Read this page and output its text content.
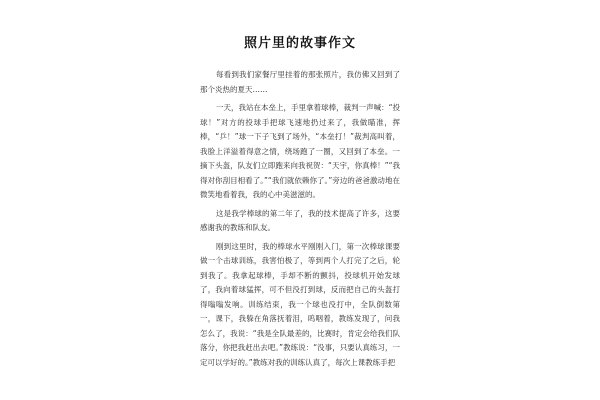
照片里的故事作文

每看到我们家餐厅里挂着的那张照片，我仿佛又回到了那个炎热的夏天……

一天，我站在本垒上，手里拿着球棒，裁判一声喊：“投球！”对方的投球手把球飞速地扔过来了，我做瞄准，挥棒，“乒！”球一下子飞到了场外，“本垒打！”裁判高叫着，我脸上洋溢着得意之情，绕场跑了一圈，又回到了本垒。一摘下头盔，队友们立即跑来向我祝贺：“天宇，你真棒！”“我得对你刮目相看了。”“我们就依赖你了。”旁边的爸爸激动地在微笑地看着我，我的心中美滋滋的。

这是我学棒球的第二年了，我的技术提高了许多，这要感谢我的教练和队友。

刚到这里时，我的棒球水平刚刚入门，第一次棒球课要做一个击球训练，我害怕极了，等到两个人打完了之后，轮到我了。我拿起球棒，手却不断的颤抖，投球机开始发球了，我向着球猛挥，可不但没打到球，反而把自己的头盔打得嗡嗡发响。训练结束，我一个球也没打中，全队倒数第一，课下，我躲在角落抚着泪，呜咽着，教练发现了，问我怎么了，我说：“我是全队最差的，比赛时，肯定会给我们队落分，你把我赶出去吧。”教练说：“没事，只要认真练习，一定可以学好的。”教练对我的训练认真了，每次上课教练手把
